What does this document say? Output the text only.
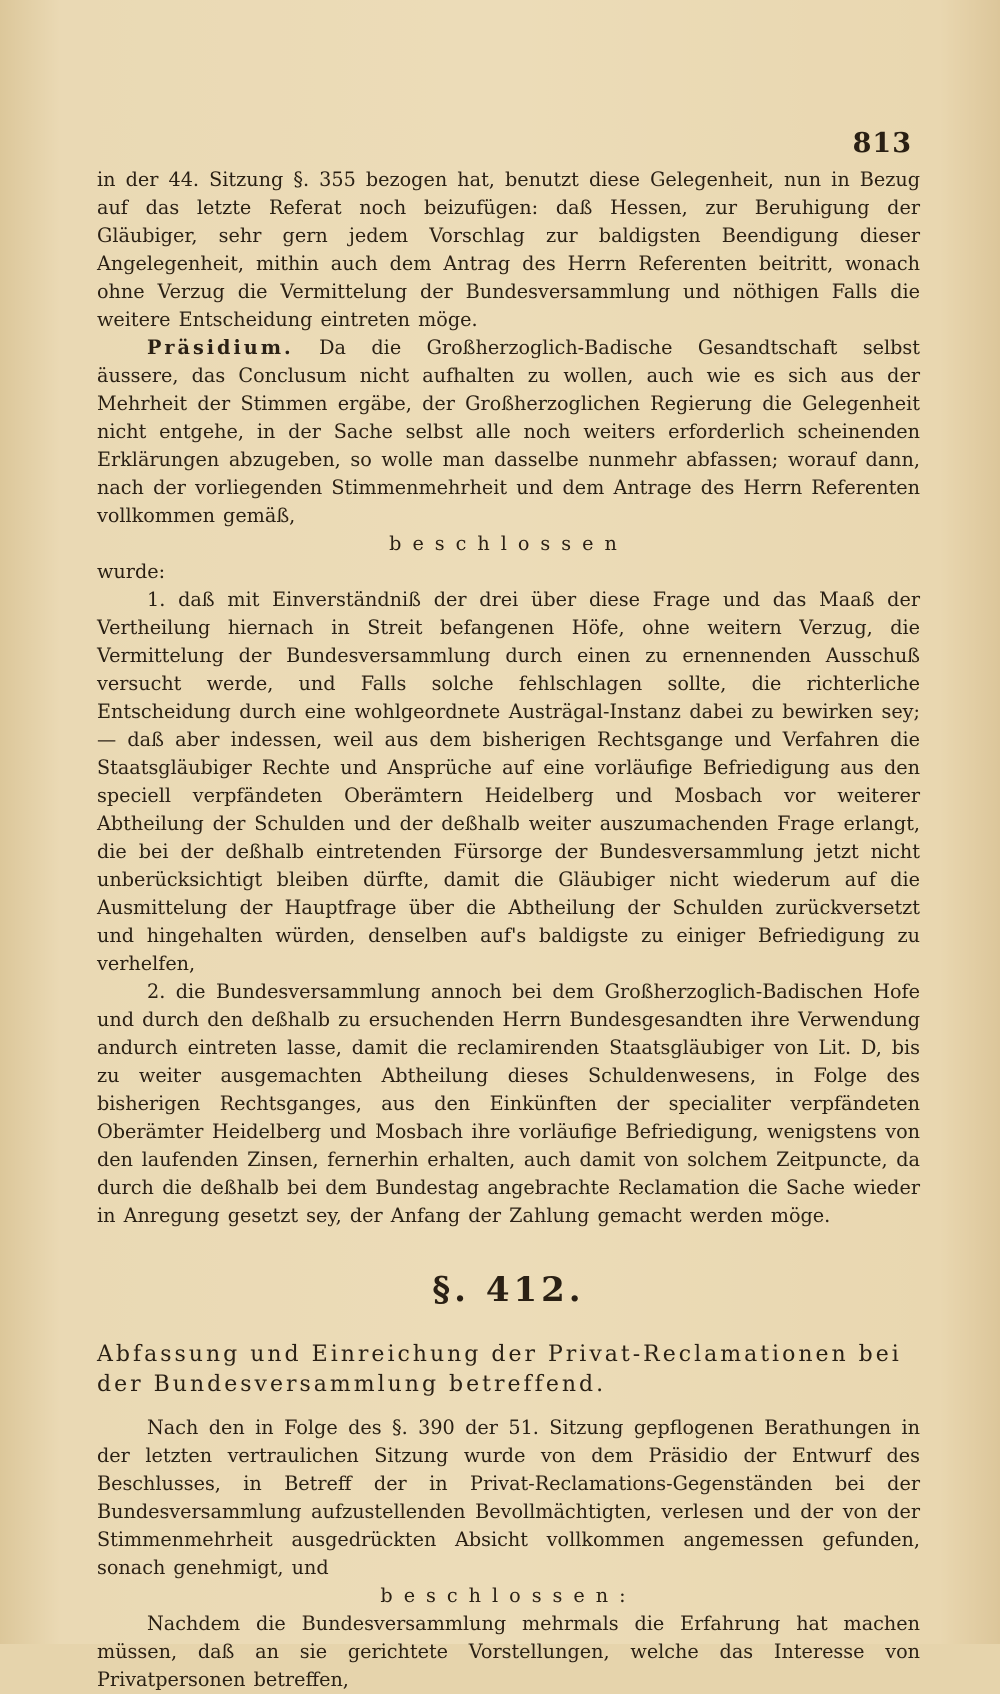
813

in der 44. Sitzung §. 355 bezogen hat, benutzt diese Gelegenheit, nun in Bezug auf das letzte Referat noch beizufügen: daß Hessen, zur Beruhigung der Gläubiger, sehr gern jedem Vorschlag zur baldigsten Beendigung dieser Angelegenheit, mithin auch dem Antrag des Herrn Referenten beitritt, wonach ohne Verzug die Vermittelung der Bundesversammlung und nöthigen Falls die weitere Entscheidung eintreten möge.

Präsidium. Da die Großherzoglich-Badische Gesandtschaft selbst äussere, das Conclusum nicht aufhalten zu wollen, auch wie es sich aus der Mehrheit der Stimmen ergäbe, der Großherzoglichen Regierung die Gelegenheit nicht entgehe, in der Sache selbst alle noch weiters erforderlich scheinenden Erklärungen abzugeben, so wolle man dasselbe nunmehr abfassen; worauf dann, nach der vorliegenden Stimmenmehrheit und dem Antrage des Herrn Referenten vollkommen gemäß,

beschlossen

wurde:

1. daß mit Einverständniß der drei über diese Frage und das Maaß der Vertheilung hiernach in Streit befangenen Höfe, ohne weitern Verzug, die Vermittelung der Bundesversammlung durch einen zu ernennenden Ausschuß versucht werde, und Falls solche fehlschlagen sollte, die richterliche Entscheidung durch eine wohlgeordnete Austrägal-Instanz dabei zu bewirken sey; — daß aber indessen, weil aus dem bisherigen Rechtsgange und Verfahren die Staatsgläubiger Rechte und Ansprüche auf eine vorläufige Befriedigung aus den speciell verpfändeten Oberämtern Heidelberg und Mosbach vor weiterer Abtheilung der Schulden und der deßhalb weiter auszumachenden Frage erlangt, die bei der deßhalb eintretenden Fürsorge der Bundesversammlung jetzt nicht unberücksichtigt bleiben dürfte, damit die Gläubiger nicht wiederum auf die Ausmittelung der Hauptfrage über die Abtheilung der Schulden zurückversetzt und hingehalten würden, denselben auf's baldigste zu einiger Befriedigung zu verhelfen,

2. die Bundesversammlung annoch bei dem Großherzoglich-Badischen Hofe und durch den deßhalb zu ersuchenden Herrn Bundesgesandten ihre Verwendung andurch eintreten lasse, damit die reclamirenden Staatsgläubiger von Lit. D, bis zu weiter ausgemachten Abtheilung dieses Schuldenwesens, in Folge des bisherigen Rechtsganges, aus den Einkünften der specialiter verpfändeten Oberämter Heidelberg und Mosbach ihre vorläufige Befriedigung, wenigstens von den laufenden Zinsen, fernerhin erhalten, auch damit von solchem Zeitpuncte, da durch die deßhalb bei dem Bundestag angebrachte Reclamation die Sache wieder in Anregung gesetzt sey, der Anfang der Zahlung gemacht werden möge.

§. 412.

Abfassung und Einreichung der Privat-Reclamationen bei der Bundesversammlung betreffend.

Nach den in Folge des §. 390 der 51. Sitzung gepflogenen Berathungen in der letzten vertraulichen Sitzung wurde von dem Präsidio der Entwurf des Beschlusses, in Betreff der in Privat-Reclamations-Gegenständen bei der Bundesversammlung aufzustellenden Bevollmächtigten, verlesen und der von der Stimmenmehrheit ausgedrückten Absicht vollkommen angemessen gefunden, sonach genehmigt, und

beschlossen:

Nachdem die Bundesversammlung mehrmals die Erfahrung hat machen müssen, daß an sie gerichtete Vorstellungen, welche das Interesse von Privatpersonen betreffen,
